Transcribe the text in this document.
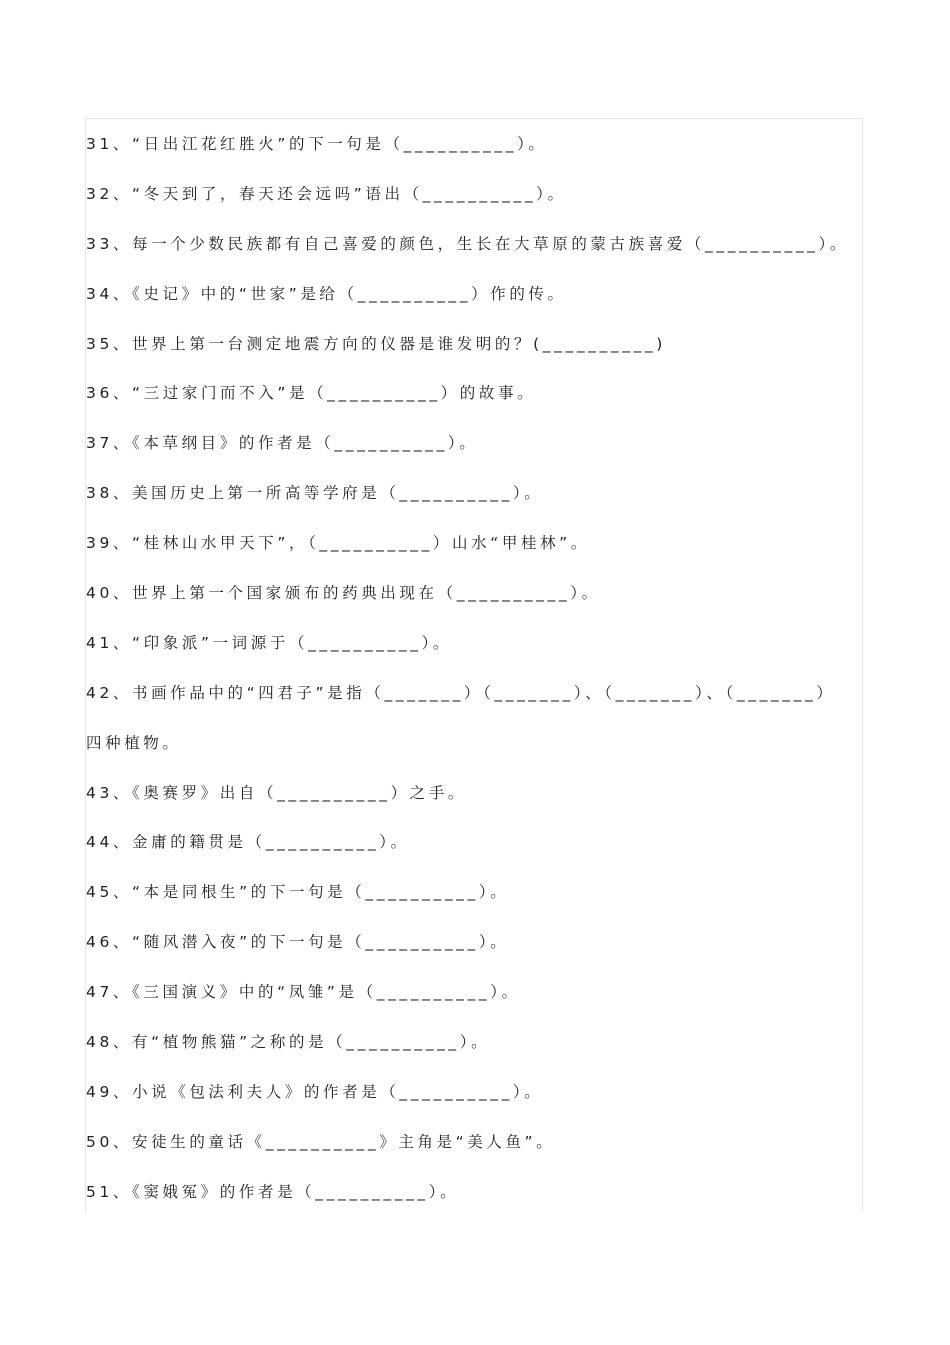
31、“日出江花红胜火”的下一句是（__________）。
32、“冬天到了，春天还会远吗”语出（__________）。
33、每一个少数民族都有自己喜爱的颜色，生长在大草原的蒙古族喜爱（__________）。
34、《史记》中的“世家”是给（__________）作的传。
35、世界上第一台测定地震方向的仪器是谁发明的？(__________)
36、“三过家门而不入”是（__________）的故事。
37、《本草纲目》的作者是（__________）。
38、美国历史上第一所高等学府是（__________）。
39、“桂林山水甲天下”，（__________）山水“甲桂林”。
40、世界上第一个国家颁布的药典出现在（__________）。
41、“印象派”一词源于（__________）。
42、书画作品中的“四君子”是指（_______）（_______）、（_______）、（_______）
四种植物。
43、《奥赛罗》出自（__________）之手。
44、金庸的籍贯是（__________）。
45、“本是同根生”的下一句是（__________）。
46、“随风潜入夜”的下一句是（__________）。
47、《三国演义》中的“凤雏”是（__________）。
48、有“植物熊猫”之称的是（__________）。
49、小说《包法利夫人》的作者是（__________）。
50、安徒生的童话《__________》主角是“美人鱼”。
51、《窦娥冤》的作者是（__________）。
